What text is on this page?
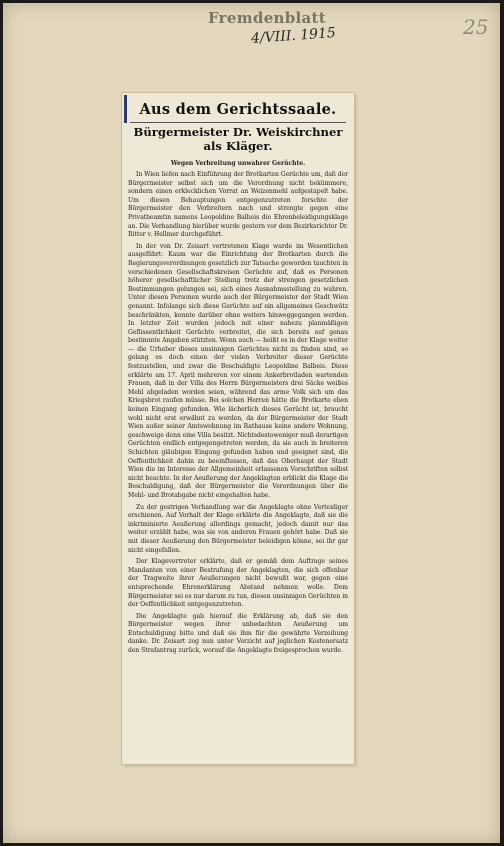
Fremdenblatt
4/VIII. 1915	25
Aus dem Gerichtssaale.
Bürgermeister Dr. Weiskirchner als Kläger.
Wegen Verbreitung unwahrer Gerüchte.

In Wien liefen nach Einführung der Brotkarten Gerüchte um, daß der Bürgermeister selbst sich um die Verordnung nicht bekümmere, sondern einen erklecklichen Vorrat an Weizenmehl aufgestapelt habe. Um diesen Behauptungen entgegenzutreten forschte der Bürgermeister den Verbreitern nach und strengte gegen eine Privatbeamtin namens Leopoldine Balbeis die Ehrenbeleidigungsklage an. Die Verhandlung hierüber wurde gestern vor dem Bezirksrichter Dr. Ritter v. Hellmer durchgeführt.

In der von Dr. Zeisart vertretenen Klage wurde im Wesentlichen ausgeführt: Kaum war die Einrichtung der Brotkarten durch die Regierungsverordnungen gesetzlich zur Tatsache geworden tauchten in verschiedenen Gesellschaftskreisen Gerüchte auf, daß es Personen höherer gesellschaftlicher Stellung trotz der strengen gesetzlichen Bestimmungen gelungen sei, sich eines Ausnahmsstellung zu wahren. Unter diesen Personen wurde auch der Bürgermeister der Stadt Wien genannt. Infolange sich diese Gerüchte auf ein allgemeines Geschwätz beschränkten, konnte darüber ohne weiters hinweggegangen werden. In letzter Zeit wurden jedoch mit einer nahezu planmäßigen Geflissentlichkeit Gerüchte verbreitet, die sich bereits auf genau bestimmte Angaben stützten. Wenn auch — heißt es in der Klage weiter — die Urheber dieses unsinnigen Gerüchtes nicht zu finden sind, so gelang es doch einen der vielen Verbreiter dieser Gerüchte festzustellen, und zwar die Beschuldigte Leopoldine Balbeis. Diese erklärte am 17. April mehreren vor einem Ankerbrotladen wartenden Frauen, daß in der Villa des Herrn Bürgermeisters drei Säcke weißes Mehl abgeladen worden seien, während das arme Volk sich um das Kriegsbrot raufen müsse. Bei solchen Herren hätte die Brotkarte eben keinen Eingang gefunden. Wie lächerlich dieses Gerücht ist, braucht wohl nicht erst erwähnt zu werden, da der Bürgermeister der Stadt Wien außer seiner Amtswohnung im Rathause keine andere Wohnung, geschweige denn eine Villa besitzt. Nichtsdestoweniger muß derartigen Gerüchten endlich entgegengetreten werden, da sie auch in breiteren Schichten gläubigen Eingang gefunden haben und geeignet sind, die Oeffentlichkeit dahin zu beeinflussen, daß das Oberhaupt der Stadt Wien die im Interesse der Allgemeinheit erlassenen Vorschriften selbst nicht beachte. In der Aeußerung der Angeklagten erblickt die Klage die Beschuldigung, daß der Bürgermeister die Verordnungen über die Mehl- und Brotabgabe nicht eingehalten habe.

Zu der gestrigen Verhandlung war die Angeklagte ohne Verteidiger erschienen. Auf Vorhalt der Klage erklärte die Angeklagte, daß sie die inkriminierte Aeußerung allerdings gemacht, jedoch damit nur das weiter erzählt habe, was sie von anderen Frauen gehört habe. Daß sie mit dieser Aeußerung den Bürgermeister beleidigen könne, sei ihr gar nicht eingefallen.

Der Klagevertreter erklärte, daß er gemäß dem Auftrage seines Mandanten von einer Bestrafung der Angeklagten, die sich offenbar der Tragweite ihrer Aeußerungen nicht bewußt war, gegen eine entsprechende Ehrenerklärung Abstand nehmen wolle. Dem Bürgermeister sei es nur darum zu tun, diesen unsinnigen Gerüchten in der Oeffentlichkeit entgegenzutreten.

Die Angeklagte gab hierauf die Erklärung ab, daß sie den Bürgermeister wegen ihrer unbedachten Aeußerung um Entschuldigung bitte und daß sie ihm für die gewährte Verzeihung danke. Dr. Zeisart zog nun unter Verzicht auf jeglichen Kostenersatz den Strafantrag zurück, worauf die Angeklagte freigesprochen wurde.
